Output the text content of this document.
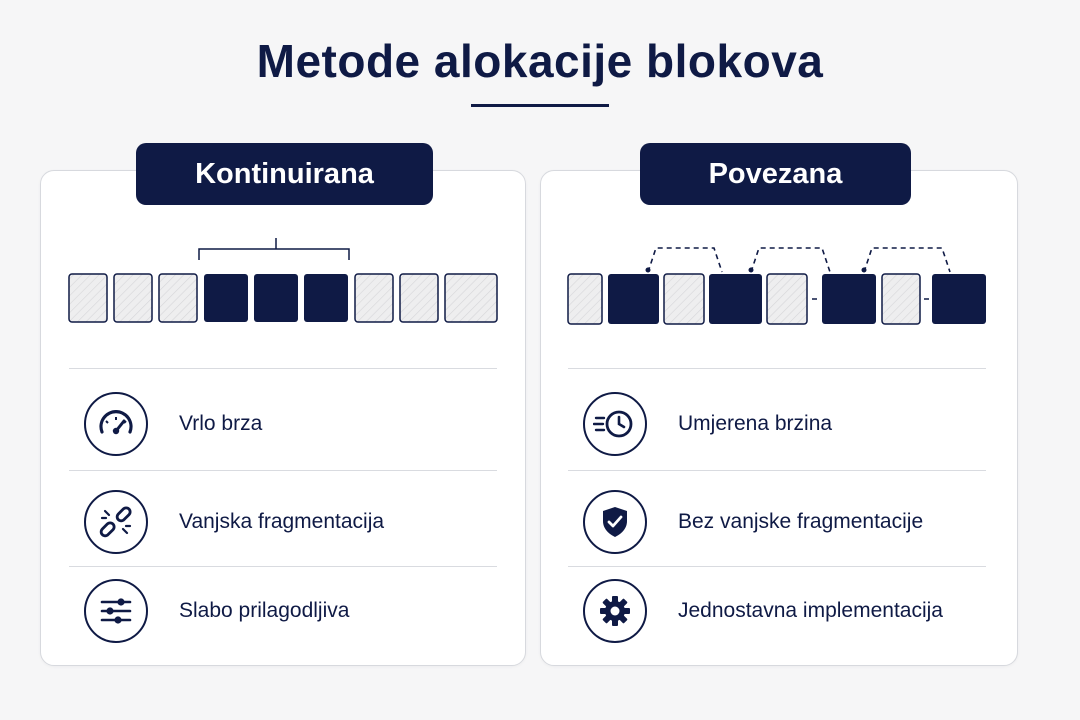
Metode alokacije blokova
Kontinuirana	Povezana
Vrlo brza
Vanjska fragmentacija
Slabo prilagodljiva
Umjerena brzina
Bez vanjske fragmentacije
Jednostavna implementacija
